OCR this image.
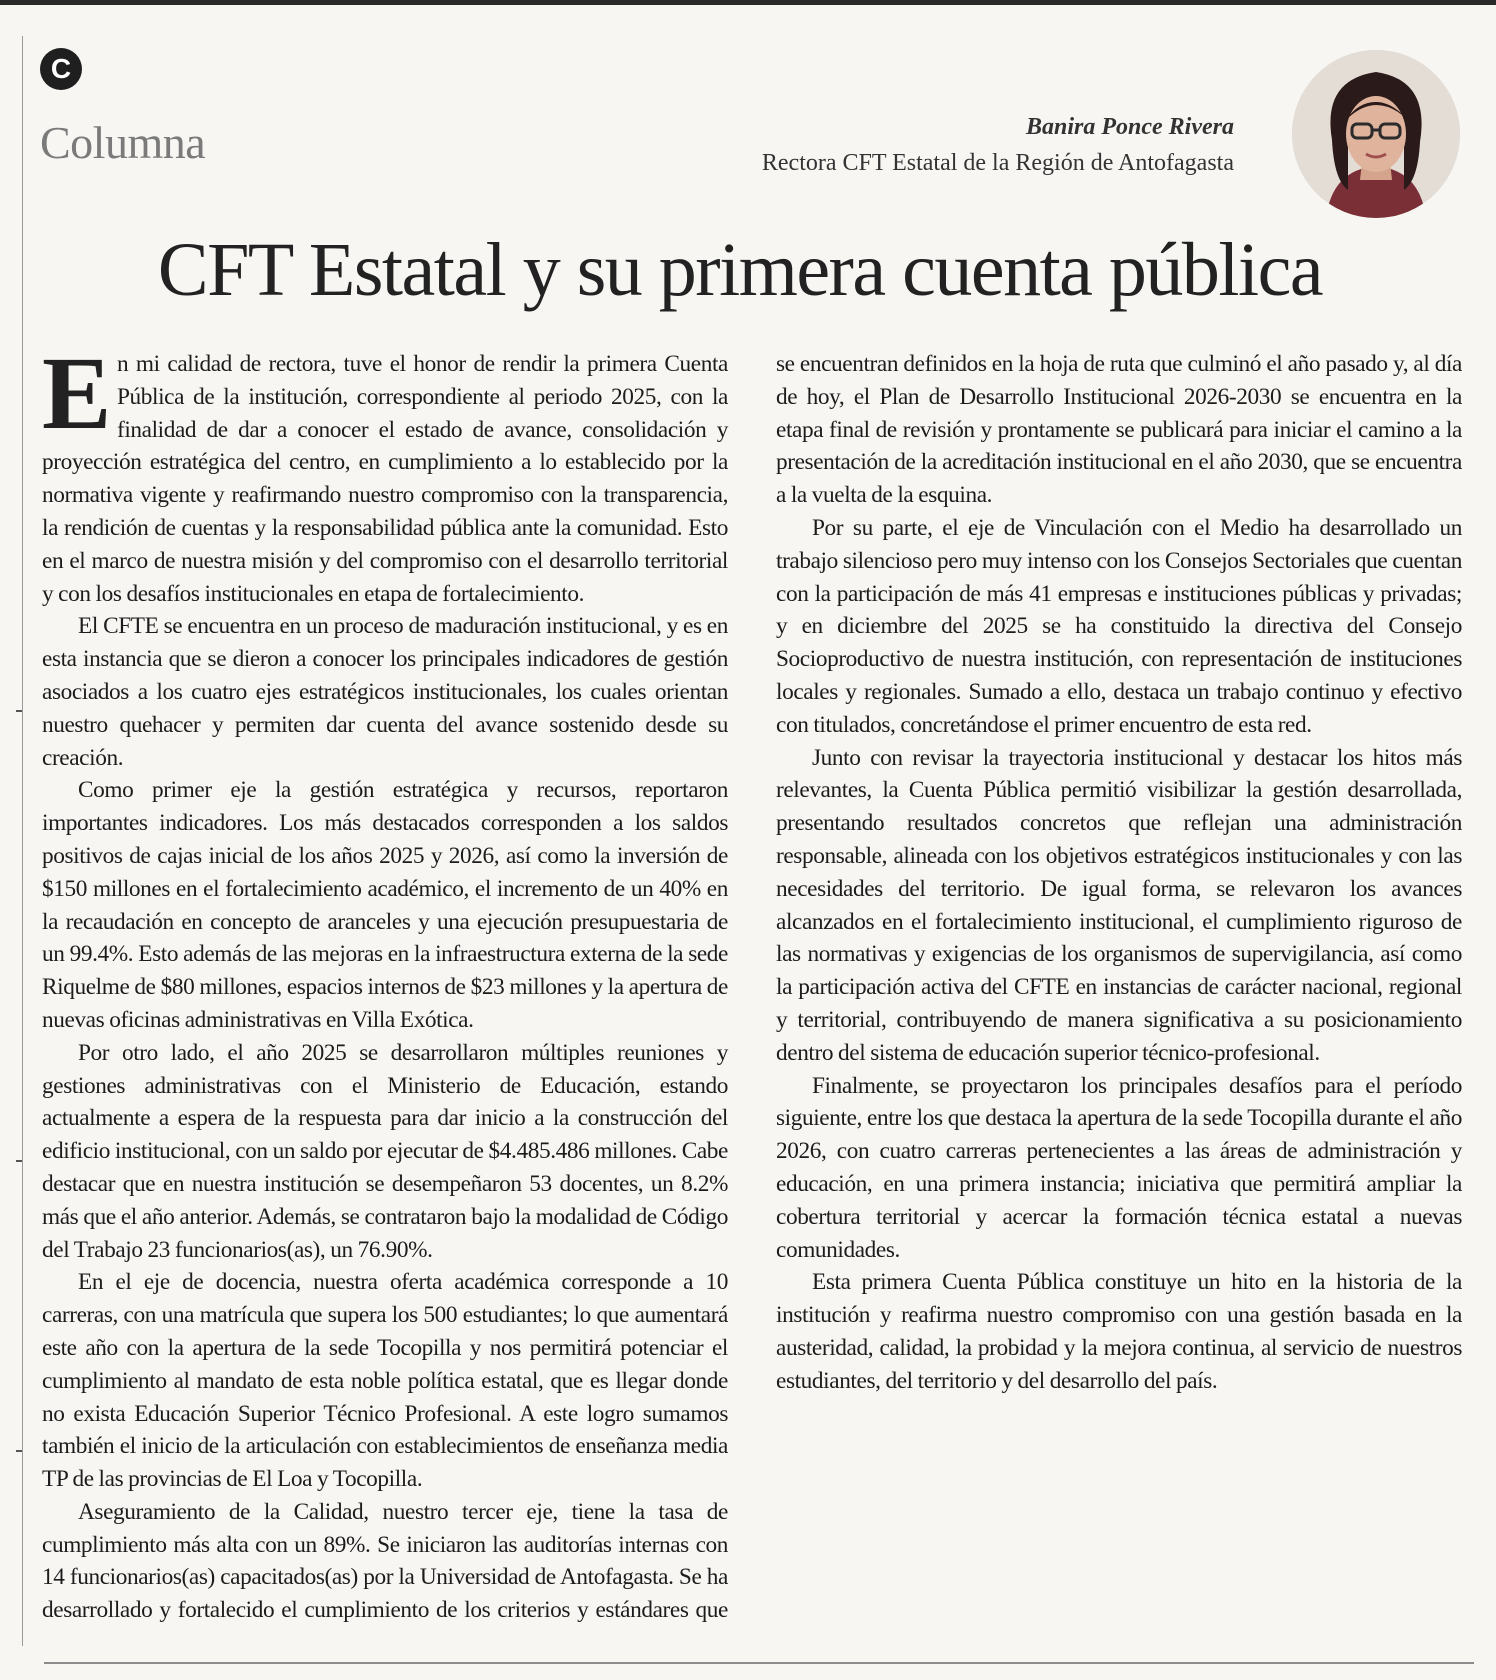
C
Columna	Banira Ponce Rivera
Rectora CFT Estatal de la Región de Antofagasta
CFT Estatal y su primera cuenta pública

En mi calidad de rectora, tuve el honor de rendir la primera Cuenta Pública de la institución, correspondiente al periodo 2025, con la finalidad de dar a conocer el estado de avance, consolidación y proyección estratégica del centro, en cumplimiento a lo establecido por la normativa vigente y reafirmando nuestro compromiso con la transparencia, la rendición de cuentas y la responsabilidad pública ante la comunidad. Esto en el marco de nuestra misión y del compromiso con el desarrollo territorial y con los desafíos institucionales en etapa de fortalecimiento.

El CFTE se encuentra en un proceso de maduración institucional, y es en esta instancia que se dieron a conocer los principales indicadores de gestión asociados a los cuatro ejes estratégicos institucionales, los cuales orientan nuestro quehacer y permiten dar cuenta del avance sostenido desde su creación.

Como primer eje la gestión estratégica y recursos, reportaron importantes indicadores. Los más destacados corresponden a los saldos positivos de cajas inicial de los años 2025 y 2026, así como la inversión de $150 millones en el fortalecimiento académico, el incremento de un 40% en la recaudación en concepto de aranceles y una ejecución presupuestaria de un 99.4%. Esto además de las mejoras en la infraestructura externa de la sede Riquelme de $80 millones, espacios internos de $23 millones y la apertura de nuevas oficinas administrativas en Villa Exótica.

Por otro lado, el año 2025 se desarrollaron múltiples reuniones y gestiones administrativas con el Ministerio de Educación, estando actualmente a espera de la respuesta para dar inicio a la construcción del edificio institucional, con un saldo por ejecutar de $4.485.486 millones. Cabe destacar que en nuestra institución se desempeñaron 53 docentes, un 8.2% más que el año anterior. Además, se contrataron bajo la modalidad de Código del Trabajo 23 funcionarios(as), un 76.90%.

En el eje de docencia, nuestra oferta académica corresponde a 10 carreras, con una matrícula que supera los 500 estudiantes; lo que aumentará este año con la apertura de la sede Tocopilla y nos permitirá potenciar el cumplimiento al mandato de esta noble política estatal, que es llegar donde no exista Educación Superior Técnico Profesional. A este logro sumamos también el inicio de la articulación con establecimientos de enseñanza media TP de las provincias de El Loa y Tocopilla.

Aseguramiento de la Calidad, nuestro tercer eje, tiene la tasa de cumplimiento más alta con un 89%. Se iniciaron las auditorías internas con 14 funcionarios(as) capacitados(as) por la Universidad de Antofagasta. Se ha desarrollado y fortalecido el cumplimiento de los criterios y estándares que se encuentran definidos en la hoja de ruta que culminó el año pasado y, al día de hoy, el Plan de Desarrollo Institucional 2026-2030 se encuentra en la etapa final de revisión y prontamente se publicará para iniciar el camino a la presentación de la acreditación institucional en el año 2030, que se encuentra a la vuelta de la esquina.

Por su parte, el eje de Vinculación con el Medio ha desarrollado un trabajo silencioso pero muy intenso con los Consejos Sectoriales que cuentan con la participación de más 41 empresas e instituciones públicas y privadas; y en diciembre del 2025 se ha constituido la directiva del Consejo Socioproductivo de nuestra institución, con representación de instituciones locales y regionales. Sumado a ello, destaca un trabajo continuo y efectivo con titulados, concretándose el primer encuentro de esta red.

Junto con revisar la trayectoria institucional y destacar los hitos más relevantes, la Cuenta Pública permitió visibilizar la gestión desarrollada, presentando resultados concretos que reflejan una administración responsable, alineada con los objetivos estratégicos institucionales y con las necesidades del territorio. De igual forma, se relevaron los avances alcanzados en el fortalecimiento institucional, el cumplimiento riguroso de las normativas y exigencias de los organismos de supervigilancia, así como la participación activa del CFTE en instancias de carácter nacional, regional y territorial, contribuyendo de manera significativa a su posicionamiento dentro del sistema de educación superior técnico-profesional.

Finalmente, se proyectaron los principales desafíos para el período siguiente, entre los que destaca la apertura de la sede Tocopilla durante el año 2026, con cuatro carreras pertenecientes a las áreas de administración y educación, en una primera instancia; iniciativa que permitirá ampliar la cobertura territorial y acercar la formación técnica estatal a nuevas comunidades.

Esta primera Cuenta Pública constituye un hito en la historia de la institución y reafirma nuestro compromiso con una gestión basada en la austeridad, calidad, la probidad y la mejora continua, al servicio de nuestros estudiantes, del territorio y del desarrollo del país.
